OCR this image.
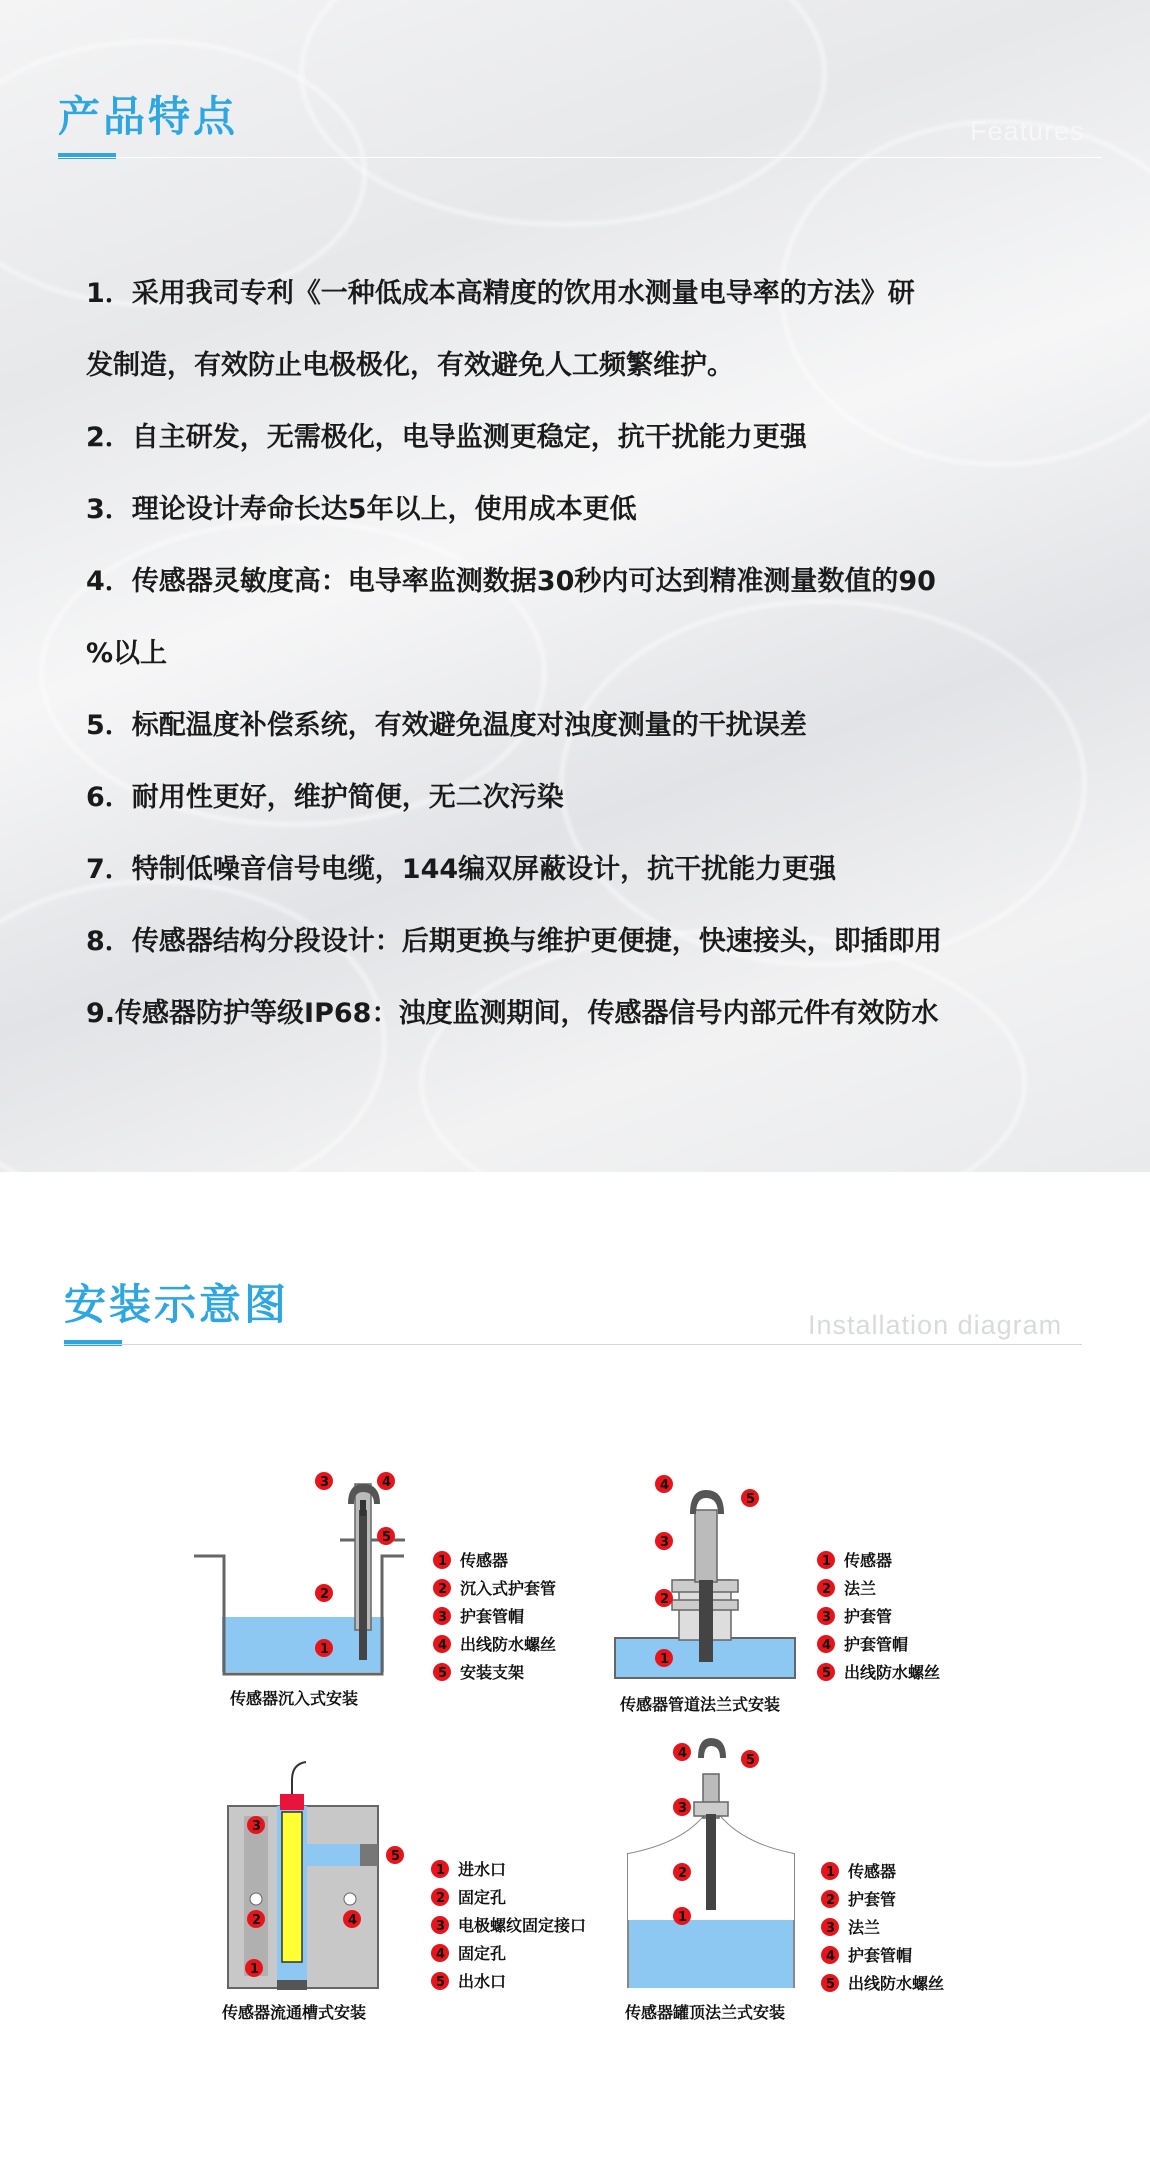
产品特点	Features
1．采用我司专利《一种低成本高精度的饮用水测量电导率的方法》研
发制造，有效防止电极极化，有效避免人工频繁维护。
2．自主研发，无需极化，电导监测更稳定，抗干扰能力更强
3．理论设计寿命长达5年以上，使用成本更低
4．传感器灵敏度高：电导率监测数据30秒内可达到精准测量数值的90
%以上
5．标配温度补偿系统，有效避免温度对浊度测量的干扰误差
6．耐用性更好，维护简便，无二次污染
7．特制低噪音信号电缆，144编双屏蔽设计，抗干扰能力更强
8．传感器结构分段设计：后期更换与维护更便捷，快速接头，即插即用
9.传感器防护等级IP68：浊度监测期间，传感器信号内部元件有效防水
安装示意图	Installation diagram
传感器沉入式安装
1
2
3	4
5
1 传感器
2 沉入式护套管
3 护套管帽
4 出线防水螺丝
5 安装支架
传感器管道法兰式安装
1
2
3
4
5
1 传感器
2 法兰
3 护套管
4 护套管帽
5 出线防水螺丝
传感器流通槽式安装
1
2
3
4
5
1 进水口
2 固定孔
3 电极螺纹固定接口
4 固定孔
5 出水口
传感器罐顶法兰式安装
1
2
3
4	5
1 传感器
2 护套管
3 法兰
4 护套管帽
5 出线防水螺丝
